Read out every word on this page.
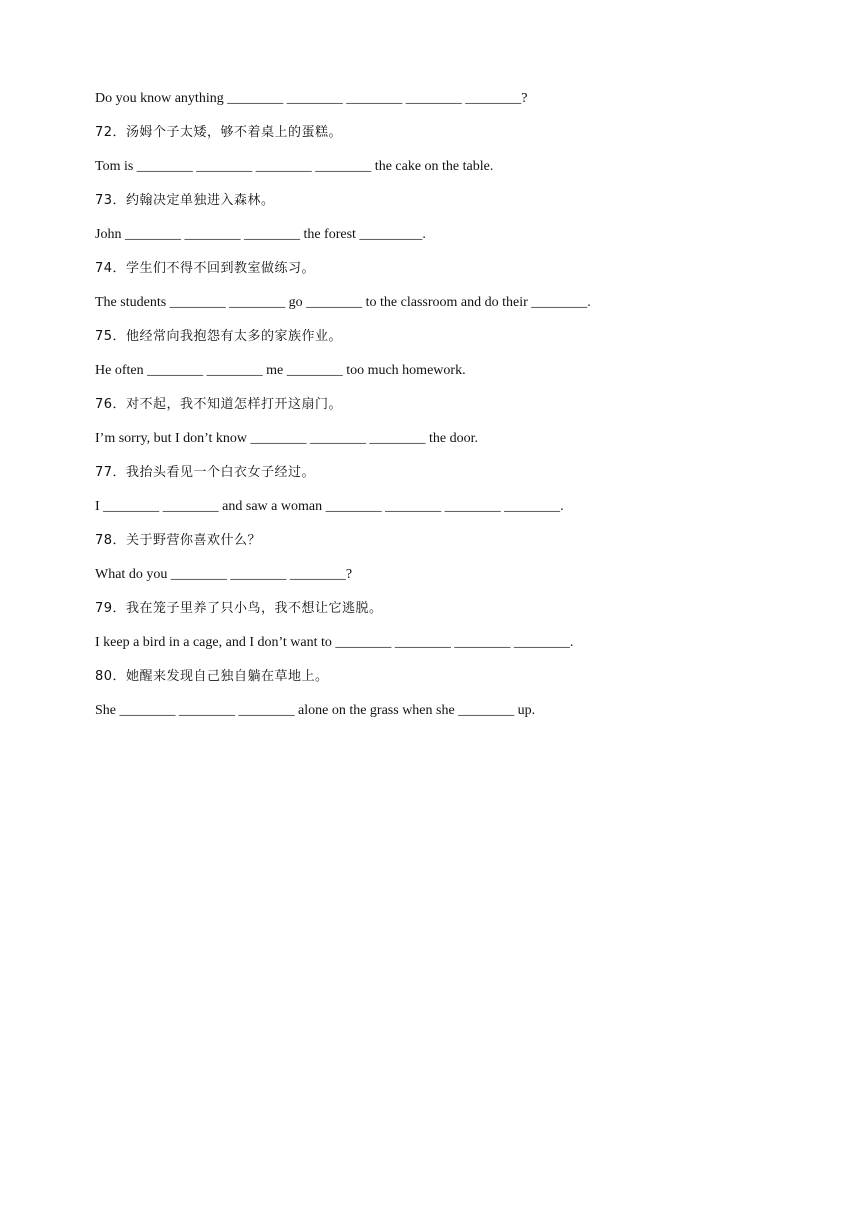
Do you know anything ________ ________ ________ ________ ________?
72．汤姆个子太矮，够不着桌上的蛋糕。
Tom is ________ ________ ________ ________ the cake on the table.
73．约翰决定单独进入森林。
John ________ ________ ________ the forest _________.
74．学生们不得不回到教室做练习。
The students ________ ________ go ________ to the classroom and do their ________.
75．他经常向我抱怨有太多的家族作业。
He often ________ ________ me ________ too much homework.
76．对不起，我不知道怎样打开这扇门。
I’m sorry, but I don’t know ________ ________ ________ the door.
77．我抬头看见一个白衣女子经过。
I ________ ________ and saw a woman ________ ________ ________ ________.
78．关于野营你喜欢什么？
What do you ________ ________ ________?
79．我在笼子里养了只小鸟，我不想让它逃脱。
I keep a bird in a cage, and I don’t want to ________ ________ ________ ________.
80．她醒来发现自己独自躺在草地上。
She ________ ________ ________ alone on the grass when she ________ up.
